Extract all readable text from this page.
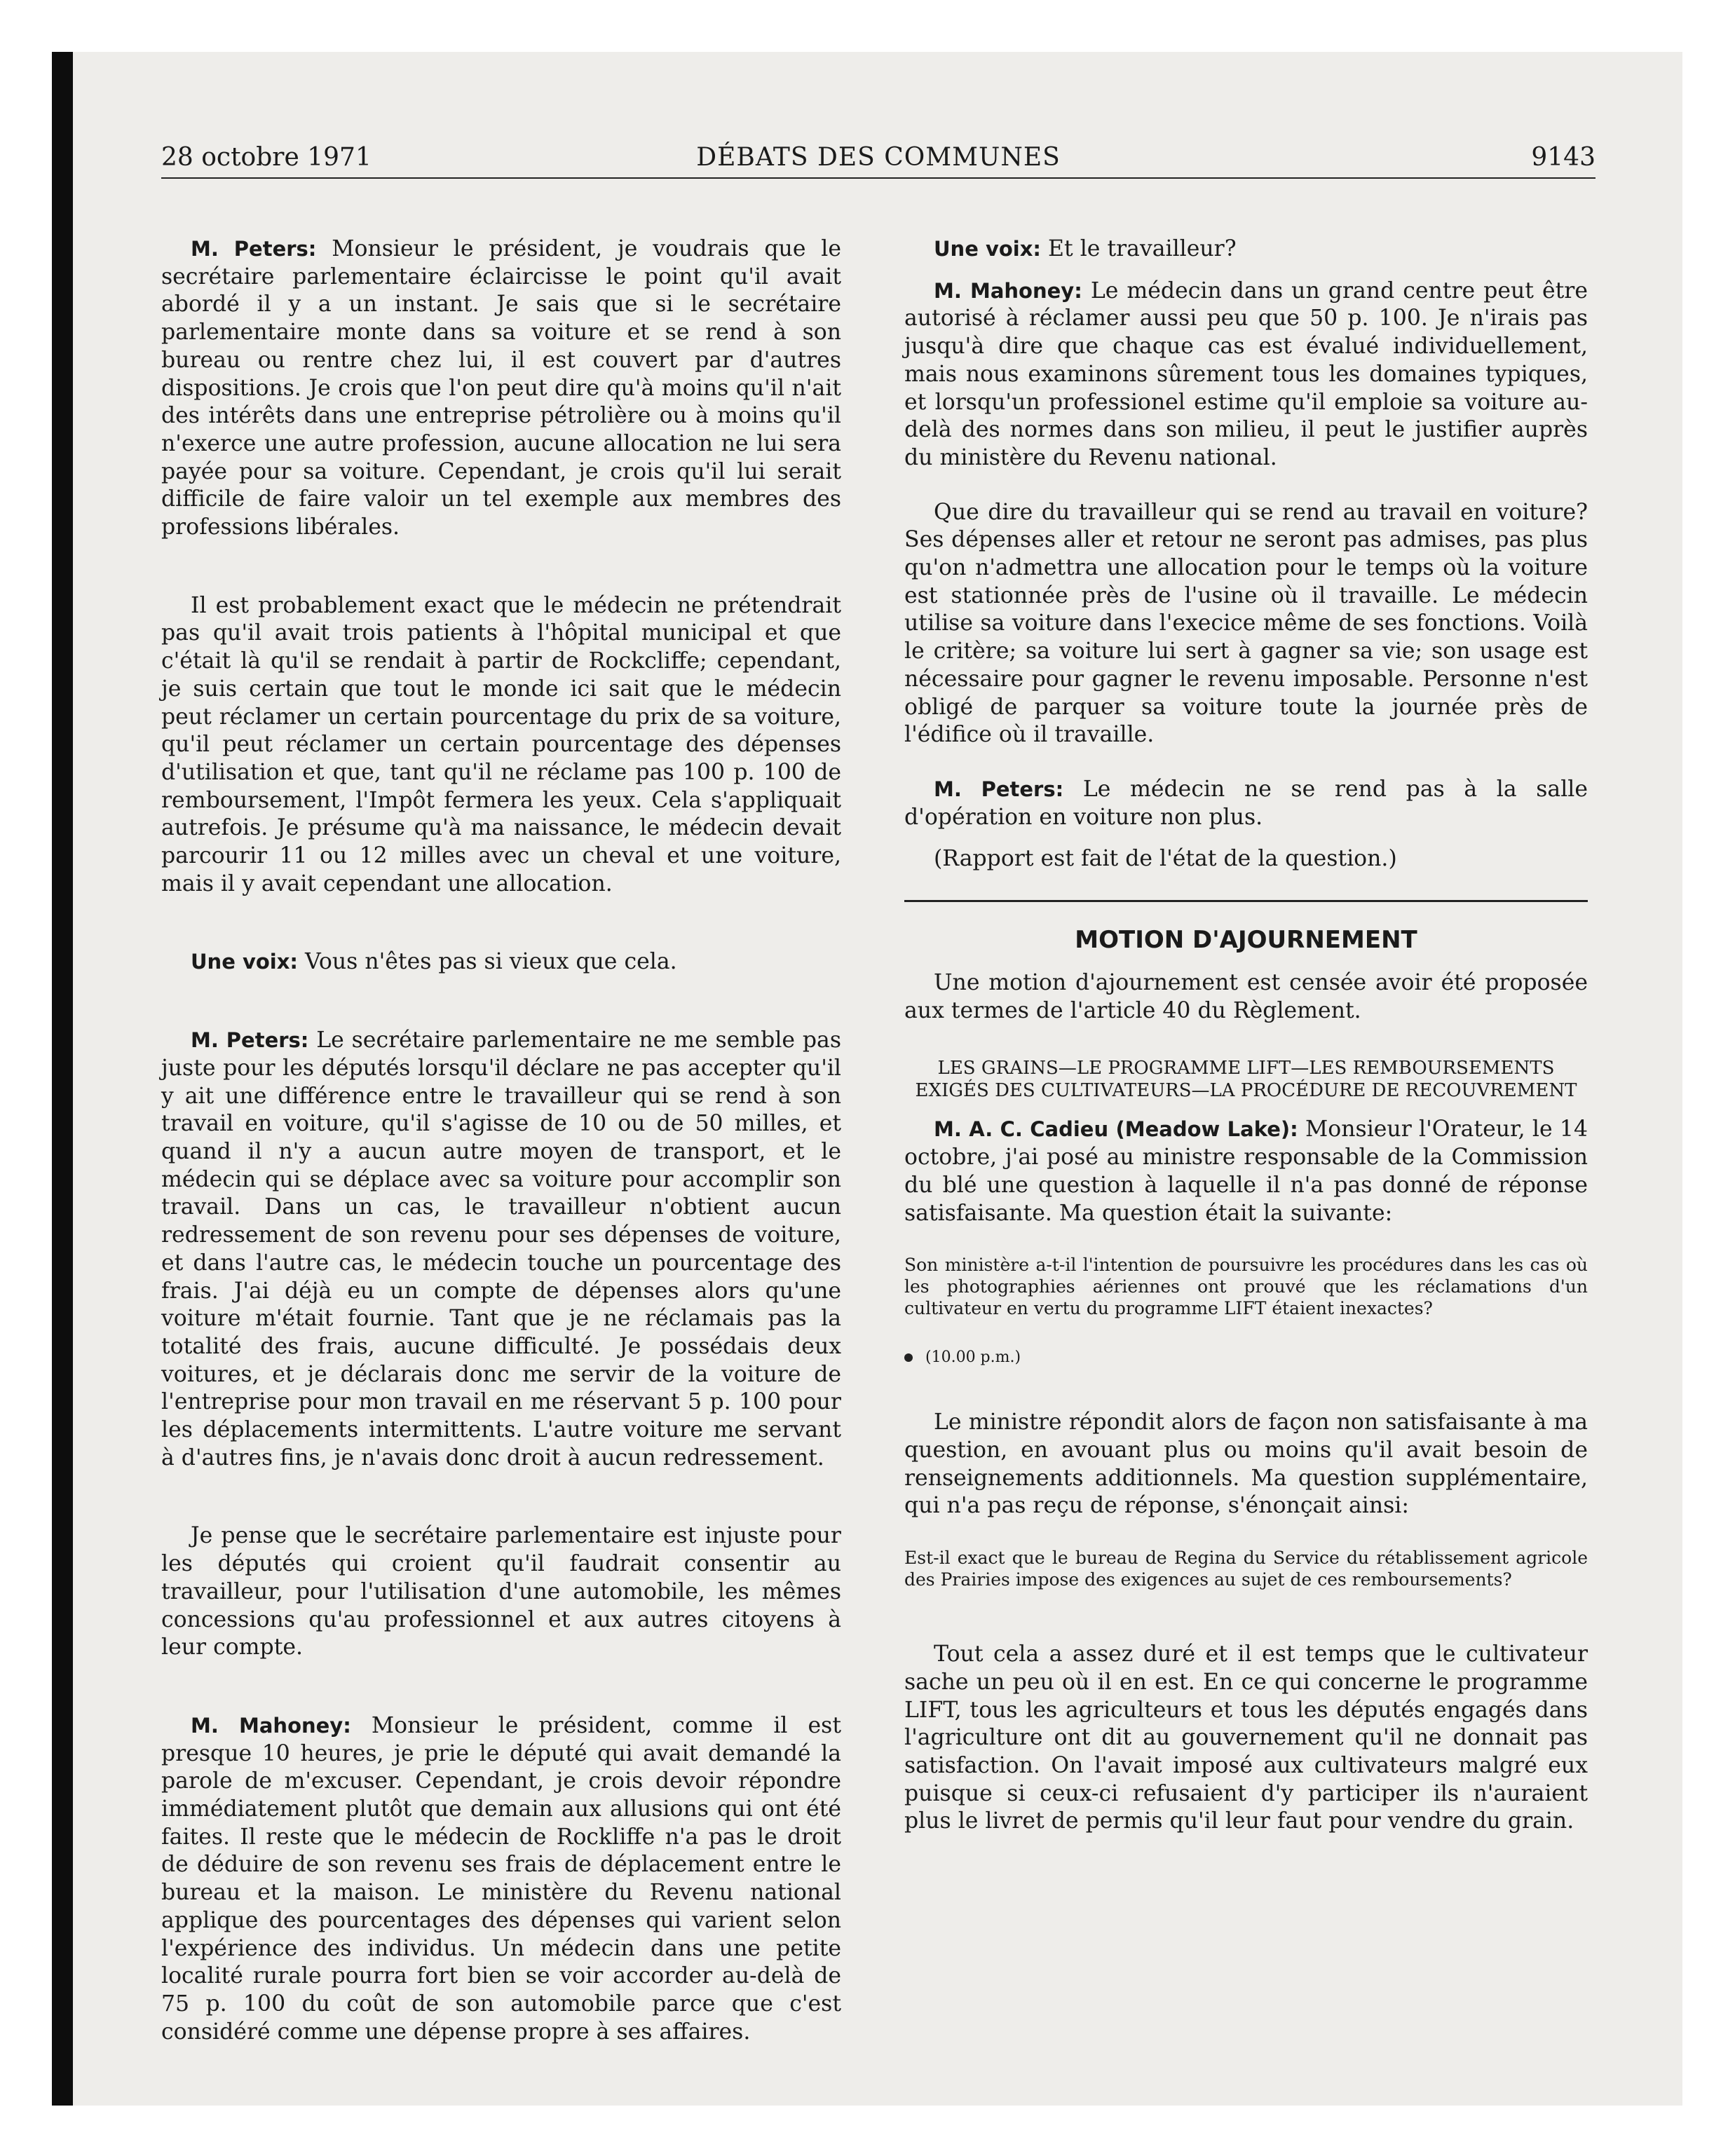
28 octobre 1971	DÉBATS DES COMMUNES	9143

M. Peters: Monsieur le président, je voudrais que le secrétaire parlementaire éclaircisse le point qu'il avait abordé il y a un instant. Je sais que si le secrétaire parlementaire monte dans sa voiture et se rend à son bureau ou rentre chez lui, il est couvert par d'autres dispositions. Je crois que l'on peut dire qu'à moins qu'il n'ait des intérêts dans une entreprise pétrolière ou à moins qu'il n'exerce une autre profession, aucune allocation ne lui sera payée pour sa voiture. Cependant, je crois qu'il lui serait difficile de faire valoir un tel exemple aux membres des professions libérales.

Il est probablement exact que le médecin ne prétendrait pas qu'il avait trois patients à l'hôpital municipal et que c'était là qu'il se rendait à partir de Rockcliffe; cependant, je suis certain que tout le monde ici sait que le médecin peut réclamer un certain pourcentage du prix de sa voiture, qu'il peut réclamer un certain pourcentage des dépenses d'utilisation et que, tant qu'il ne réclame pas 100 p. 100 de remboursement, l'Impôt fermera les yeux. Cela s'appliquait autrefois. Je présume qu'à ma naissance, le médecin devait parcourir 11 ou 12 milles avec un cheval et une voiture, mais il y avait cependant une allocation.

Une voix: Vous n'êtes pas si vieux que cela.

M. Peters: Le secrétaire parlementaire ne me semble pas juste pour les députés lorsqu'il déclare ne pas accepter qu'il y ait une différence entre le travailleur qui se rend à son travail en voiture, qu'il s'agisse de 10 ou de 50 milles, et quand il n'y a aucun autre moyen de transport, et le médecin qui se déplace avec sa voiture pour accomplir son travail. Dans un cas, le travailleur n'obtient aucun redressement de son revenu pour ses dépenses de voiture, et dans l'autre cas, le médecin touche un pourcentage des frais. J'ai déjà eu un compte de dépenses alors qu'une voiture m'était fournie. Tant que je ne réclamais pas la totalité des frais, aucune difficulté. Je possédais deux voitures, et je déclarais donc me servir de la voiture de l'entreprise pour mon travail en me réservant 5 p. 100 pour les déplacements intermittents. L'autre voiture me servant à d'autres fins, je n'avais donc droit à aucun redressement.

Je pense que le secrétaire parlementaire est injuste pour les députés qui croient qu'il faudrait consentir au travailleur, pour l'utilisation d'une automobile, les mêmes concessions qu'au professionnel et aux autres citoyens à leur compte.

M. Mahoney: Monsieur le président, comme il est presque 10 heures, je prie le député qui avait demandé la parole de m'excuser. Cependant, je crois devoir répondre immédiatement plutôt que demain aux allusions qui ont été faites. Il reste que le médecin de Rockliffe n'a pas le droit de déduire de son revenu ses frais de déplacement entre le bureau et la maison. Le ministère du Revenu national applique des pourcentages des dépenses qui varient selon l'expérience des individus. Un médecin dans une petite localité rurale pourra fort bien se voir accorder au-delà de 75 p. 100 du coût de son automobile parce que c'est considéré comme une dépense propre à ses affaires.

Une voix: Et le travailleur?

M. Mahoney: Le médecin dans un grand centre peut être autorisé à réclamer aussi peu que 50 p. 100. Je n'irais pas jusqu'à dire que chaque cas est évalué individuellement, mais nous examinons sûrement tous les domaines typiques, et lorsqu'un professionel estime qu'il emploie sa voiture au-delà des normes dans son milieu, il peut le justifier auprès du ministère du Revenu national.

Que dire du travailleur qui se rend au travail en voiture? Ses dépenses aller et retour ne seront pas admises, pas plus qu'on n'admettra une allocation pour le temps où la voiture est stationnée près de l'usine où il travaille. Le médecin utilise sa voiture dans l'execice même de ses fonctions. Voilà le critère; sa voiture lui sert à gagner sa vie; son usage est nécessaire pour gagner le revenu imposable. Personne n'est obligé de parquer sa voiture toute la journée près de l'édifice où il travaille.

M. Peters: Le médecin ne se rend pas à la salle d'opération en voiture non plus.

(Rapport est fait de l'état de la question.)

MOTION D'AJOURNEMENT

Une motion d'ajournement est censée avoir été proposée aux termes de l'article 40 du Règlement.

LES GRAINS—LE PROGRAMME LIFT—LES REMBOURSEMENTS EXIGÉS DES CULTIVATEURS—LA PROCÉDURE DE RECOUVREMENT

M. A. C. Cadieu (Meadow Lake): Monsieur l'Orateur, le 14 octobre, j'ai posé au ministre responsable de la Commission du blé une question à laquelle il n'a pas donné de réponse satisfaisante. Ma question était la suivante:

Son ministère a-t-il l'intention de poursuivre les procédures dans les cas où les photographies aériennes ont prouvé que les réclamations d'un cultivateur en vertu du programme LIFT étaient inexactes?

(10.00 p.m.)

Le ministre répondit alors de façon non satisfaisante à ma question, en avouant plus ou moins qu'il avait besoin de renseignements additionnels. Ma question supplémentaire, qui n'a pas reçu de réponse, s'énonçait ainsi:

Est-il exact que le bureau de Regina du Service du rétablissement agricole des Prairies impose des exigences au sujet de ces remboursements?

Tout cela a assez duré et il est temps que le cultivateur sache un peu où il en est. En ce qui concerne le programme LIFT, tous les agriculteurs et tous les députés engagés dans l'agriculture ont dit au gouvernement qu'il ne donnait pas satisfaction. On l'avait imposé aux cultivateurs malgré eux puisque si ceux-ci refusaient d'y participer ils n'auraient plus le livret de permis qu'il leur faut pour vendre du grain.
